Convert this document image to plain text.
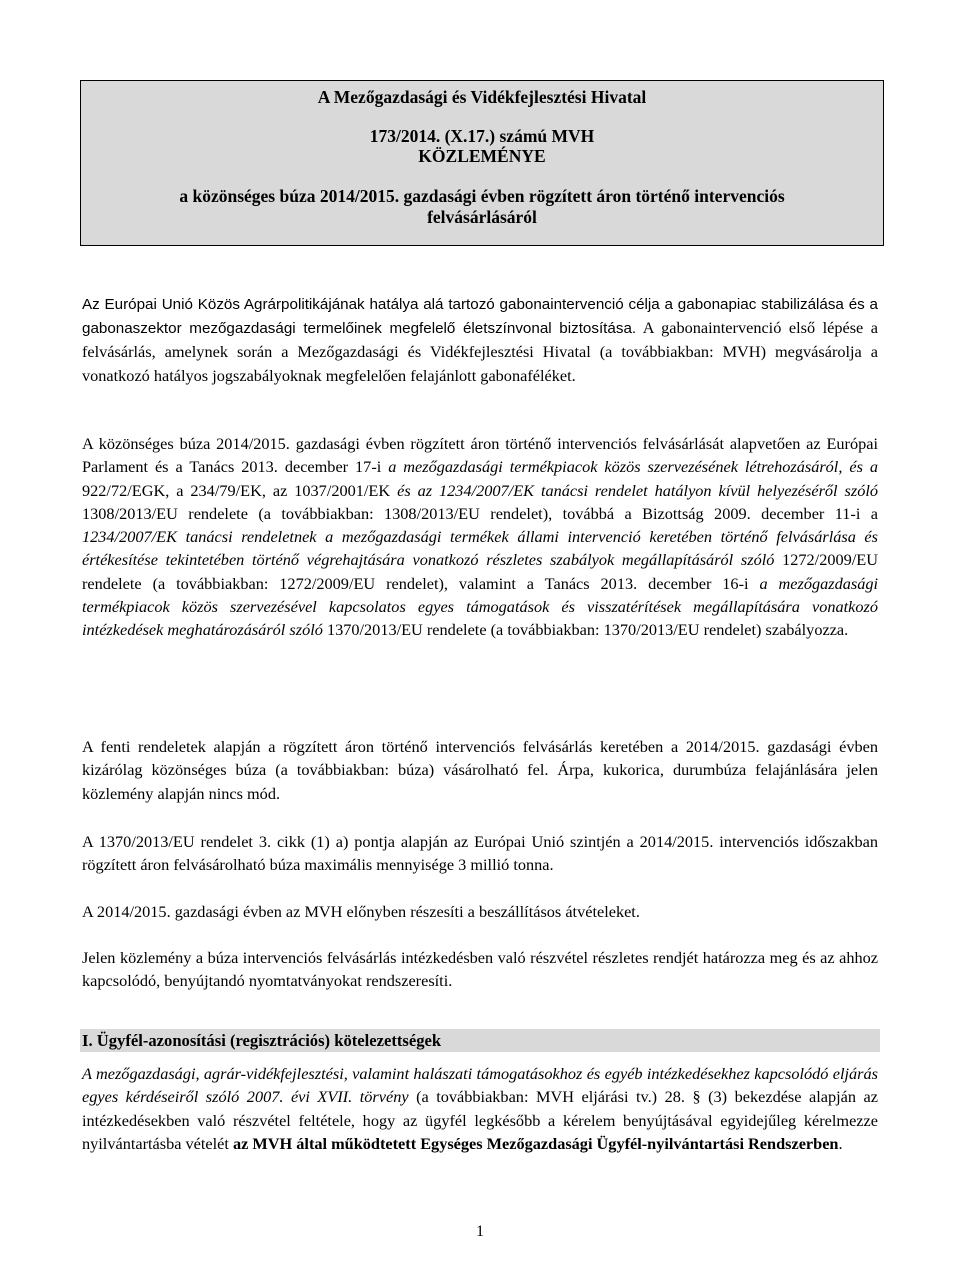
A Mezőgazdasági és Vidékfejlesztési Hivatal
173/2014. (X.17.) számú MVH
KÖZLEMÉNYE
a közönséges búza 2014/2015. gazdasági évben rögzített áron történő intervenciós
felvásárlásáról
Az Európai Unió Közös Agrárpolitikájának hatálya alá tartozó gabonaintervenció célja a gabonapiac stabilizálása és a gabonaszektor mezőgazdasági termelőinek megfelelő életszínvonal biztosítása. A gabonaintervenció első lépése a felvásárlás, amelynek során a Mezőgazdasági és Vidékfejlesztési Hivatal (a továbbiakban: MVH) megvásárolja a vonatkozó hatályos jogszabályoknak megfelelően felajánlott gabonaféléket.
A közönséges búza 2014/2015. gazdasági évben rögzített áron történő intervenciós felvásárlását alapvetően az Európai Parlament és a Tanács 2013. december 17-i a mezőgazdasági termékpiacok közös szervezésének létrehozásáról, és a 922/72/EGK, a 234/79/EK, az 1037/2001/EK és az 1234/2007/EK tanácsi rendelet hatályon kívül helyezéséről szóló 1308/2013/EU rendelete (a továbbiakban: 1308/2013/EU rendelet), továbbá a Bizottság 2009. december 11-i a 1234/2007/EK tanácsi rendeletnek a mezőgazdasági termékek állami intervenció keretében történő felvásárlása és értékesítése tekintetében történő végrehajtására vonatkozó részletes szabályok megállapításáról szóló 1272/2009/EU rendelete (a továbbiakban: 1272/2009/EU rendelet), valamint a Tanács 2013. december 16-i a mezőgazdasági termékpiacok közös szervezésével kapcsolatos egyes támogatások és visszatérítések megállapítására vonatkozó intézkedések meghatározásáról szóló 1370/2013/EU rendelete (a továbbiakban: 1370/2013/EU rendelet) szabályozza.
A fenti rendeletek alapján a rögzített áron történő intervenciós felvásárlás keretében a 2014/2015. gazdasági évben kizárólag közönséges búza (a továbbiakban: búza) vásárolható fel. Árpa, kukorica, durumbúza felajánlására jelen közlemény alapján nincs mód.
A 1370/2013/EU rendelet 3. cikk (1) a) pontja alapján az Európai Unió szintjén a 2014/2015. intervenciós időszakban rögzített áron felvásárolható búza maximális mennyisége 3 millió tonna.
A 2014/2015. gazdasági évben az MVH előnyben részesíti a beszállításos átvételeket.
Jelen közlemény a búza intervenciós felvásárlás intézkedésben való részvétel részletes rendjét határozza meg és az ahhoz kapcsolódó, benyújtandó nyomtatványokat rendszeresíti.
I. Ügyfél-azonosítási (regisztrációs) kötelezettségek
A mezőgazdasági, agrár-vidékfejlesztési, valamint halászati támogatásokhoz és egyéb intézkedésekhez kapcsolódó eljárás egyes kérdéseiről szóló 2007. évi XVII. törvény (a továbbiakban: MVH eljárási tv.) 28. § (3) bekezdése alapján az intézkedésekben való részvétel feltétele, hogy az ügyfél legkésőbb a kérelem benyújtásával egyidejűleg kérelmezze nyilvántartásba vételét az MVH által működtetett Egységes Mezőgazdasági Ügyfél-nyilvántartási Rendszerben.
1
